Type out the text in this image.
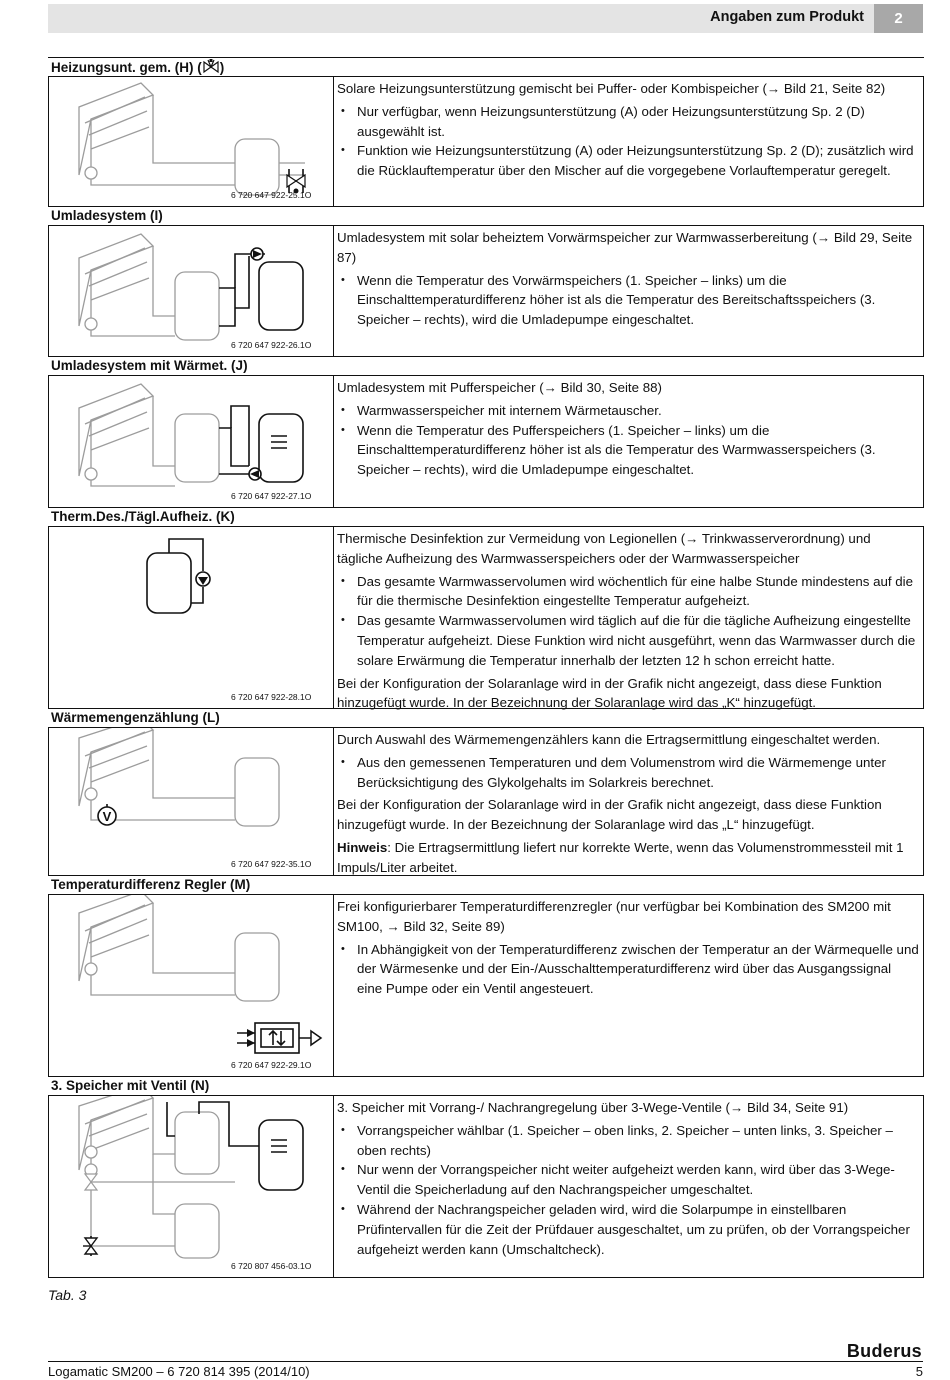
Angaben zum Produkt	2
Heizungsunt. gem. (H) ( )
6 720 647 922-25.1O

Solare Heizungsunterstützung gemischt bei Puffer- oder Kombispeicher (→ Bild 21, Seite 82)

• Nur verfügbar, wenn Heizungsunterstützung (A) oder Heizungsunterstützung Sp. 2 (D) ausgewählt ist.
• Funktion wie Heizungsunterstützung (A) oder Heizungsunterstützung Sp. 2 (D); zusätzlich wird die Rücklauftemperatur über den Mischer auf die vorgegebene Vorlauftemperatur geregelt.
Umladesystem (I)
6 720 647 922-26.1O

Umladesystem mit solar beheiztem Vorwärmspeicher zur Warmwasserbereitung (→ Bild 29, Seite 87)

• Wenn die Temperatur des Vorwärmspeichers (1. Speicher – links) um die Einschalttemperaturdifferenz höher ist als die Temperatur des Bereitschaftsspeichers (3. Speicher – rechts), wird die Umladepumpe eingeschaltet.
Umladesystem mit Wärmet. (J)
6 720 647 922-27.1O

Umladesystem mit Pufferspeicher (→ Bild 30, Seite 88)

• Warmwasserspeicher mit internem Wärmetauscher.
• Wenn die Temperatur des Pufferspeichers (1. Speicher – links) um die Einschalttemperaturdifferenz höher ist als die Temperatur des Warmwasserspeichers (3. Speicher – rechts), wird die Umladepumpe eingeschaltet.
Therm.Des./Tägl.Aufheiz. (K)
6 720 647 922-28.1O

Thermische Desinfektion zur Vermeidung von Legionellen (→ Trinkwasserverordnung) und tägliche Aufheizung des Warmwasserspeichers oder der Warmwasserspeicher

• Das gesamte Warmwasservolumen wird wöchentlich für eine halbe Stunde mindestens auf die für die thermische Desinfektion eingestellte Temperatur aufgeheizt.
• Das gesamte Warmwasservolumen wird täglich auf die für die tägliche Aufheizung eingestellte Temperatur aufgeheizt. Diese Funktion wird nicht ausgeführt, wenn das Warmwasser durch die solare Erwärmung die Temperatur innerhalb der letzten 12 h schon erreicht hatte.

Bei der Konfiguration der Solaranlage wird in der Grafik nicht angezeigt, dass diese Funktion hinzugefügt wurde. In der Bezeichnung der Solaranlage wird das „K“ hinzugefügt.

Wärmemengenzählung (L)
V
6 720 647 922-35.1O

Durch Auswahl des Wärmemengenzählers kann die Ertragsermittlung eingeschaltet werden.

• Aus den gemessenen Temperaturen und dem Volumenstrom wird die Wärmemenge unter Berücksichtigung des Glykolgehalts im Solarkreis berechnet.

Bei der Konfiguration der Solaranlage wird in der Grafik nicht angezeigt, dass diese Funktion hinzugefügt wurde. In der Bezeichnung der Solaranlage wird das „L“ hinzugefügt.

Hinweis: Die Ertragsermittlung liefert nur korrekte Werte, wenn das Volumenstrommessteil mit 1 Impuls/Liter arbeitet.

Temperaturdifferenz Regler (M)
6 720 647 922-29.1O

Frei konfigurierbarer Temperaturdifferenzregler (nur verfügbar bei Kombination des SM200 mit SM100, → Bild 32, Seite 89)

• In Abhängigkeit von der Temperaturdifferenz zwischen der Temperatur an der Wärmequelle und der Wärmesenke und der Ein-/Ausschalttemperaturdifferenz wird über das Ausgangssignal eine Pumpe oder ein Ventil angesteuert.
3. Speicher mit Ventil (N)
6 720 807 456-03.1O

3. Speicher mit Vorrang-/ Nachrangregelung über 3-Wege-Ventile (→ Bild 34, Seite 91)

• Vorrangspeicher wählbar (1. Speicher – oben links, 2. Speicher – unten links, 3. Speicher – oben rechts)
• Nur wenn der Vorrangspeicher nicht weiter aufgeheizt werden kann, wird über das 3-Wege-Ventil die Speicherladung auf den Nachrangspeicher umgeschaltet.
• Während der Nachrangspeicher geladen wird, wird die Solarpumpe in einstellbaren Prüfintervallen für die Zeit der Prüfdauer ausgeschaltet, um zu prüfen, ob der Vorrangspeicher aufgeheizt werden kann (Umschaltcheck).
Tab. 3
Buderus
Logamatic SM200 – 6 720 814 395 (2014/10)	5
